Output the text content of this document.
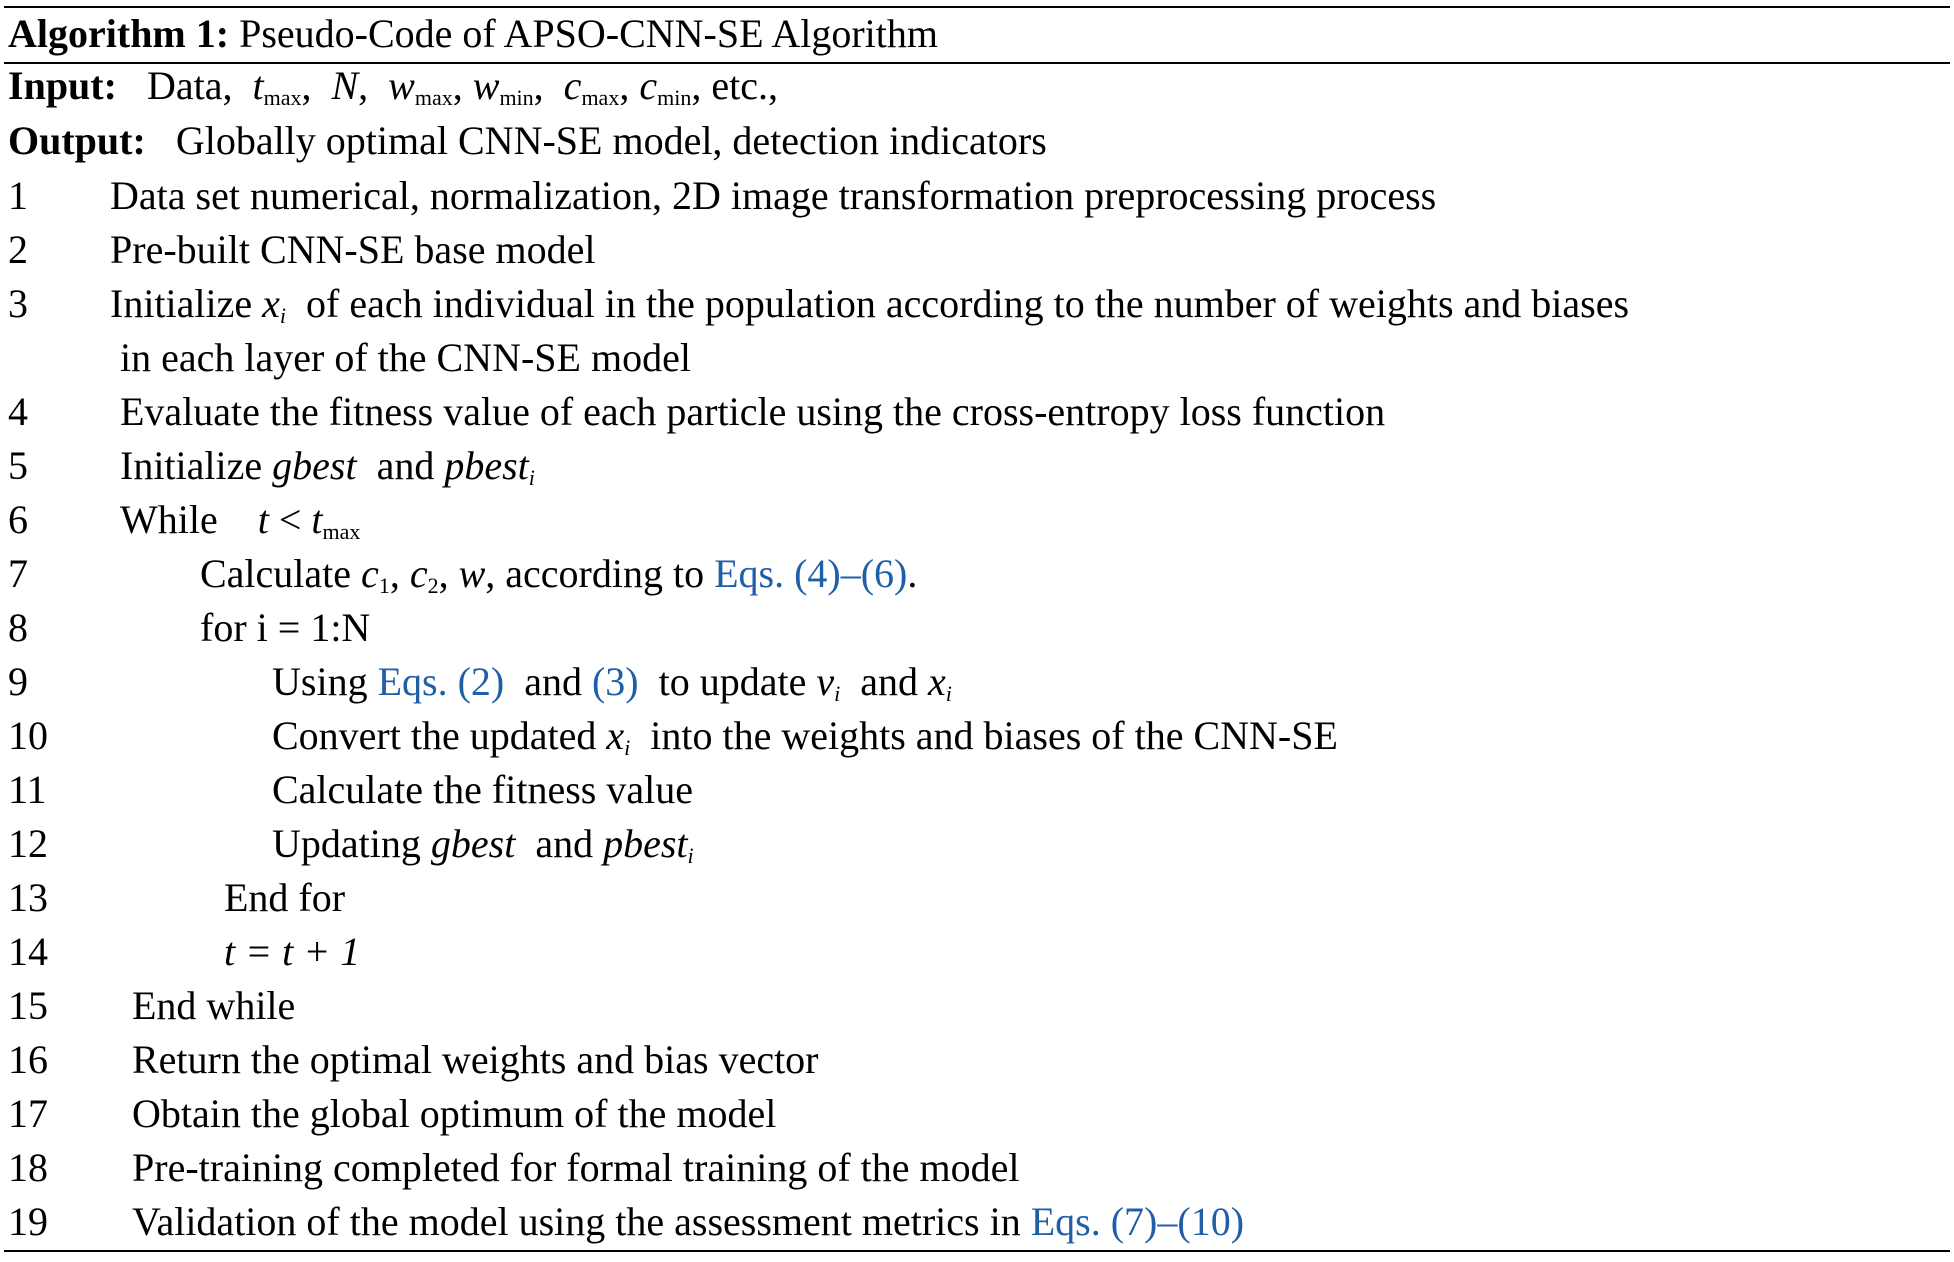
Algorithm 1: Pseudo-Code of APSO-CNN-SE Algorithm
Input:   Data,  $t_{max}$,  N,  $w_{max}$, $w_{min}$,  $c_{max}$, $c_{min}$, etc.,
Output: Globally optimal CNN-SE model, detection indicators
1 Data set numerical, normalization, 2D image transformation preprocessing process
2 Pre-built CNN-SE base model
3 Initialize $x_i$ of each individual in the population according to the number of weights and biases
in each layer of the CNN-SE model
4 Evaluate the fitness value of each particle using the cross-entropy loss function
5 Initialize gbest and pbest$_i$
6 While $t < t_{max}$
7	Calculate $c_1$, $c_2$, w, according to Eqs. (4)–(6).
8	for i = 1:N
9	Using Eqs. (2) and (3) to update $v_i$ and $x_i$
10	Convert the updated $x_i$ into the weights and biases of the CNN-SE
11	Calculate the fitness value
12	Updating gbest and pbest$_i$
13	End for
14	t = t + 1
15 End while
16 Return the optimal weights and bias vector
17 Obtain the global optimum of the model
18 Pre-training completed for formal training of the model
19 Validation of the model using the assessment metrics in Eqs. (7)–(10)
